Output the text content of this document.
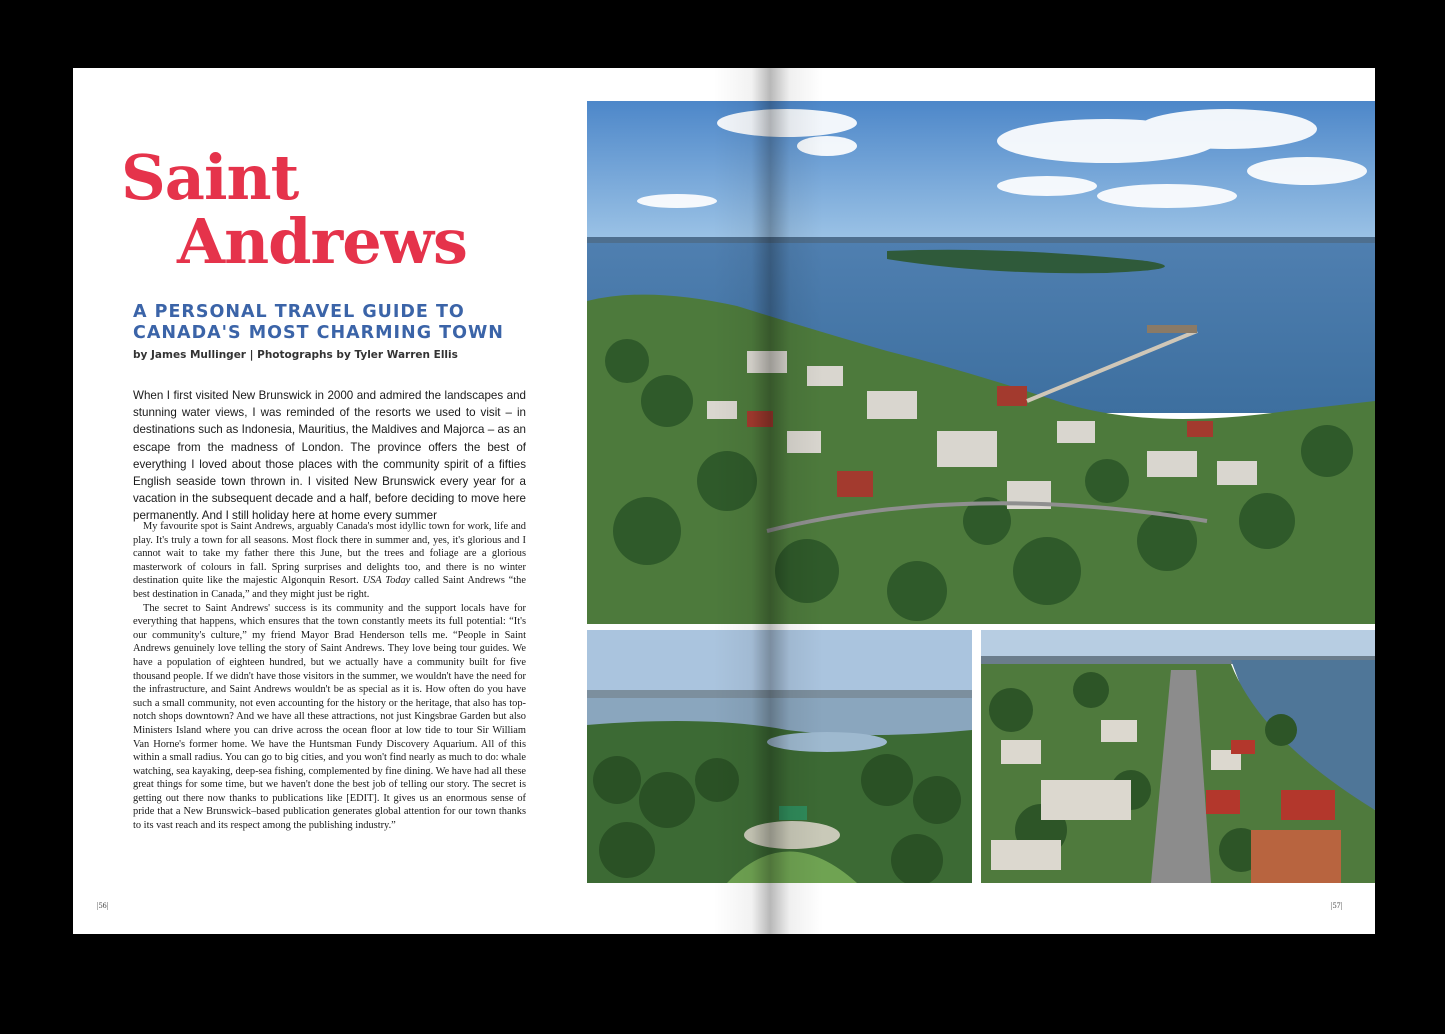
Saint
Andrews
A PERSONAL TRAVEL GUIDE TO
CANADA'S MOST CHARMING TOWN
by James Mullinger | Photographs by Tyler Warren Ellis

When I first visited New Brunswick in 2000 and admired the landscapes and stunning water views, I was reminded of the resorts we used to visit – in destinations such as Indonesia, Mauritius, the Maldives and Majorca – as an escape from the madness of London. The province offers the best of everything I loved about those places with the community spirit of a fifties English seaside town thrown in. I visited New Brunswick every year for a vacation in the subsequent decade and a half, before deciding to move here permanently. And I still holiday here at home every summer

My favourite spot is Saint Andrews, arguably Canada's most idyllic town for work, life and play. It's truly a town for all seasons. Most flock there in summer and, yes, it's glorious and I cannot wait to take my father there this June, but the trees and foliage are a glorious masterwork of colours in fall. Spring surprises and delights too, and there is no winter destination quite like the majestic Algonquin Resort. USA Today called Saint Andrews “the best destination in Canada,” and they might just be right.

The secret to Saint Andrews' success is its community and the support locals have for everything that happens, which ensures that the town constantly meets its full potential: “It's our community's culture,” my friend Mayor Brad Henderson tells me. “People in Saint Andrews genuinely love telling the story of Saint Andrews. They love being tour guides. We have a population of eighteen hundred, but we actually have a community built for five thousand people. If we didn't have those visitors in the summer, we wouldn't have the need for the infrastructure, and Saint Andrews wouldn't be as special as it is. How often do you have such a small community, not even accounting for the history or the heritage, that also has top-notch shops downtown? And we have all these attractions, not just Kingsbrae Garden but also Ministers Island where you can drive across the ocean floor at low tide to tour Sir William Van Horne's former home. We have the Huntsman Fundy Discovery Aquarium. All of this within a small radius. You can go to big cities, and you won't find nearly as much to do: whale watching, sea kayaking, deep-sea fishing, complemented by fine dining. We have had all these great things for some time, but we haven't done the best job of telling our story. The secret is getting out there now thanks to publications like [EDIT]. It gives us an enormous sense of pride that a New Brunswick–based publication generates global attention for our town thanks to its vast reach and its respect among the publishing industry.”

|56|	|57|
